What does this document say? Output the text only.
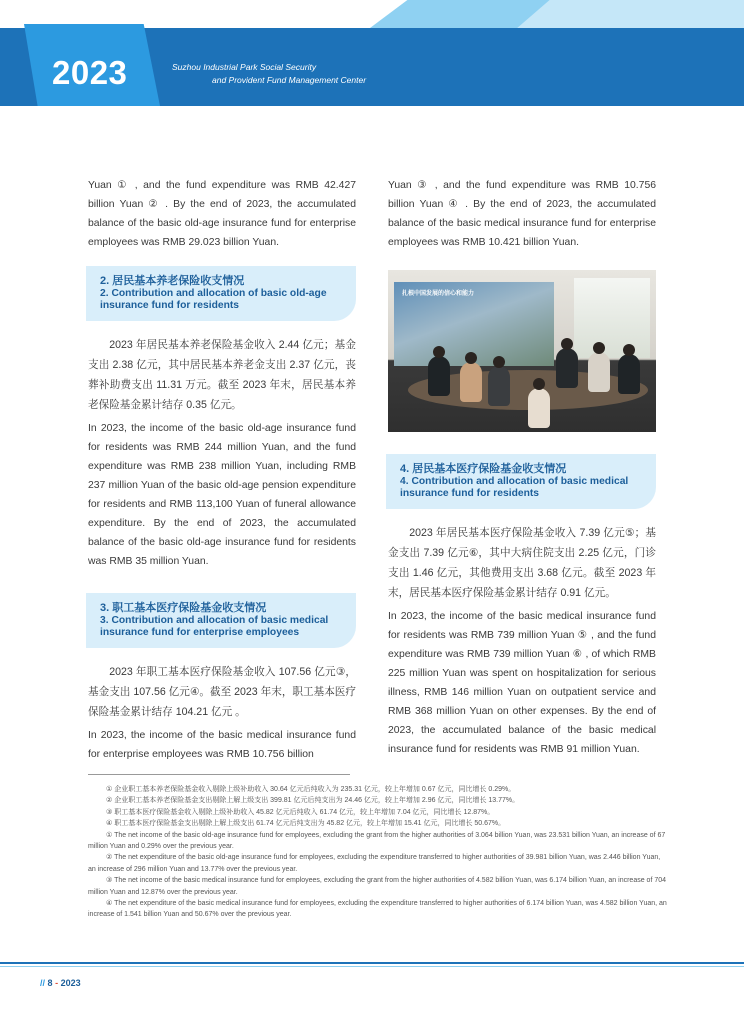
2023	Suzhou Industrial Park Social Security
and Provident Fund Management Center

Yuan ① , and the fund expenditure was RMB 42.427 billion Yuan ② . By the end of 2023, the accumulated balance of the basic old-age insurance fund for enterprise employees was RMB 29.023 billion Yuan.

2. 居民基本养老保险收支情况
2. Contribution and allocation of basic old-age insurance fund for residents

2023 年居民基本养老保险基金收入 2.44 亿元；基金支出 2.38 亿元，其中居民基本养老金支出 2.37 亿元，丧葬补助费支出 11.31 万元。截至 2023 年末，居民基本养老保险基金累计结存 0.35 亿元。

In 2023, the income of the basic old-age insurance fund for residents was RMB 244 million Yuan, and the fund expenditure was RMB 238 million Yuan, including RMB 237 million Yuan of the basic old-age pension expenditure for residents and RMB 113,100 Yuan of funeral allowance expenditure. By the end of 2023, the accumulated balance of the basic old-age insurance fund for residents was RMB 35 million Yuan.

3. 职工基本医疗保险基金收支情况
3. Contribution and allocation of basic medical insurance fund for enterprise employees

2023 年职工基本医疗保险基金收入 107.56 亿元③，基金支出 107.56 亿元④。截至 2023 年末，职工基本医疗保险基金累计结存 104.21 亿元 。

In 2023, the income of the basic medical insurance fund for enterprise employees was RMB 10.756 billion

Yuan ③ , and the fund expenditure was RMB 10.756 billion Yuan ④ . By the end of 2023, the accumulated balance of the basic medical insurance fund for enterprise employees was RMB 10.421 billion Yuan.

扎根中国发展的信心和能力
4. 居民基本医疗保险基金收支情况
4. Contribution and allocation of basic medical insurance fund for residents

2023 年居民基本医疗保险基金收入 7.39 亿元⑤；基金支出 7.39 亿元⑥，其中大病住院支出 2.25 亿元，门诊支出 1.46 亿元，其他费用支出 3.68 亿元。截至 2023 年末，居民基本医疗保险基金累计结存 0.91 亿元。

In 2023, the income of the basic medical insurance fund for residents was RMB 739 million Yuan ⑤ , and the fund expenditure was RMB 739 million Yuan ⑥ , of which RMB 225 million Yuan was spent on hospitalization for serious illness, RMB 146 million Yuan on outpatient service and RMB 368 million Yuan on other expenses. By the end of 2023, the accumulated balance of the basic medical insurance fund for residents was RMB 91 million Yuan.

① 企业职工基本养老保险基金收入剔除上级补助收入 30.64 亿元后纯收入为 235.31 亿元，较上年增加 0.67 亿元，同比增长 0.29%。

② 企业职工基本养老保险基金支出剔除上解上级支出 399.81 亿元后纯支出为 24.46 亿元，较上年增加 2.96 亿元，同比增长 13.77%。

③ 职工基本医疗保险基金收入剔除上级补助收入 45.82 亿元后纯收入 61.74 亿元，较上年增加 7.04 亿元，同比增长 12.87%。

④ 职工基本医疗保险基金支出剔除上解上级支出 61.74 亿元后纯支出为 45.82 亿元，较上年增加 15.41 亿元，同比增长 50.67%。

① The net income of the basic old-age insurance fund for employees, excluding the grant from the higher authorities of 3.064 billion Yuan, was 23.531 billion Yuan, an increase of 67 million Yuan and 0.29% over the previous year.

② The net expenditure of the basic old-age insurance fund for employees, excluding the expenditure transferred to higher authorities of 39.981 billion Yuan, was 2.446 billion Yuan, an increase of 296 million Yuan and 13.77% over the previous year.

③ The net income of the basic medical insurance fund for employees, excluding the grant from the higher authorities of 4.582 billion Yuan, was 6.174 billion Yuan, an increase of 704 million Yuan and 12.87% over the previous year.

④ The net expenditure of the basic medical insurance fund for employees, excluding the expenditure transferred to higher authorities of 6.174 billion Yuan, was 4.582 billion Yuan, an increase of 1.541 billion Yuan and 50.67% over the previous year.

// 8 - 2023
